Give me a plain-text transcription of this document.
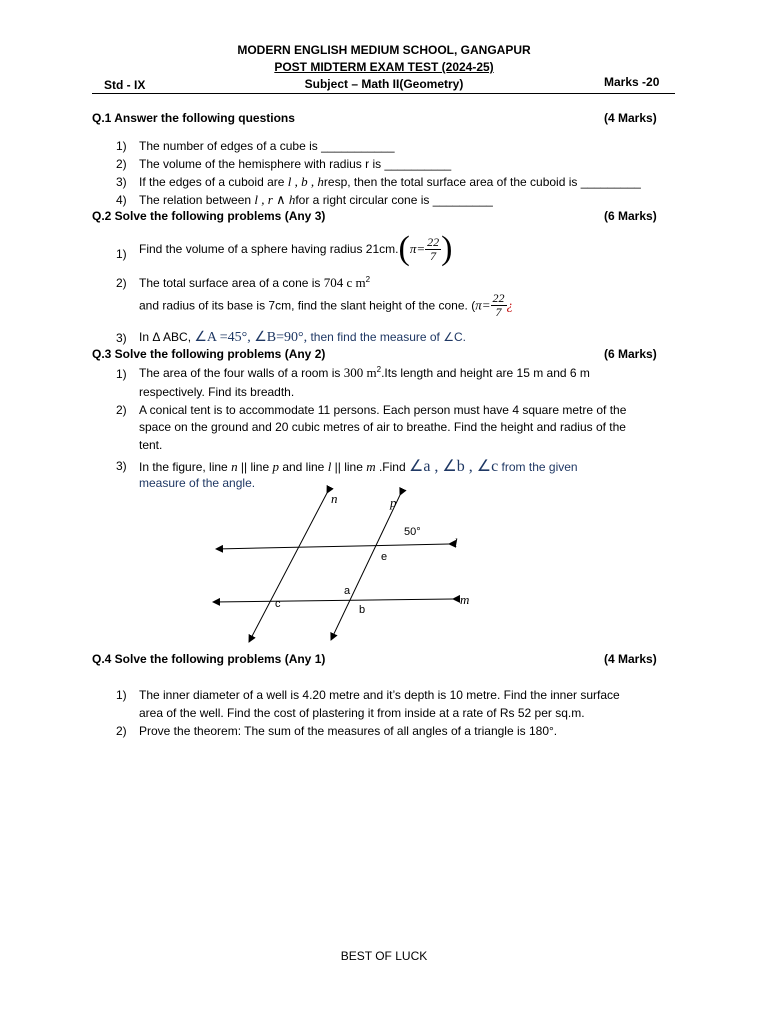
MODERN ENGLISH MEDIUM SCHOOL, GANGAPUR
POST MIDTERM EXAM TEST (2024-25)
Std - IX	Subject – Math II(Geometry)	Marks -20
Q.1 Answer the following questions	(4 Marks)
1) The number of edges of a cube is ___________
2) The volume of the hemisphere with radius r is __________
3) If the edges of a cuboid are l , b , hresp, then the total surface area of the cuboid is _________
4) The relation between l , r ∧ hfor a right circular cone is _________
Q.2 Solve the following problems (Any 3)	(6 Marks)
1) Find the volume of a sphere having radius $21cm.(\pi= \frac{22}{7}$ )
2) The total surface area of a cone is 704 c $m^2$
and radius of its base is 7cm, find the slant height of the cone. ($\pi= \frac{22}{7}$ ¿
3) In Δ ABC, ∠A =45°, ∠B=90°, then find the measure of ∠C.
Q.3 Solve the following problems (Any 2)	(6 Marks)
1) The area of the four walls of a room is 300 $m^2.Its$ length and height are 15 m and 6 m
respectively. Find its breadth.
2) A conical tent is to accommodate 11 persons. Each person must have 4 square metre of the
space on the ground and 20 cubic metres of air to breathe. Find the height and radius of the
tent.
3) In the figure, line n || line p and line l || line m .Find ∠a , ∠b , ∠c from the given
measure of the angle.
n	p
l
m
50°
e
a
b
c
Q.4 Solve the following problems (Any 1)	(4 Marks)
1) The inner diameter of a well is 4.20 metre and it’s depth is 10 metre. Find the inner surface
area of the well. Find the cost of plastering it from inside at a rate of Rs 52 per sq.m.
2) Prove the theorem: The sum of the measures of all angles of a triangle is 180°.
BEST OF LUCK
